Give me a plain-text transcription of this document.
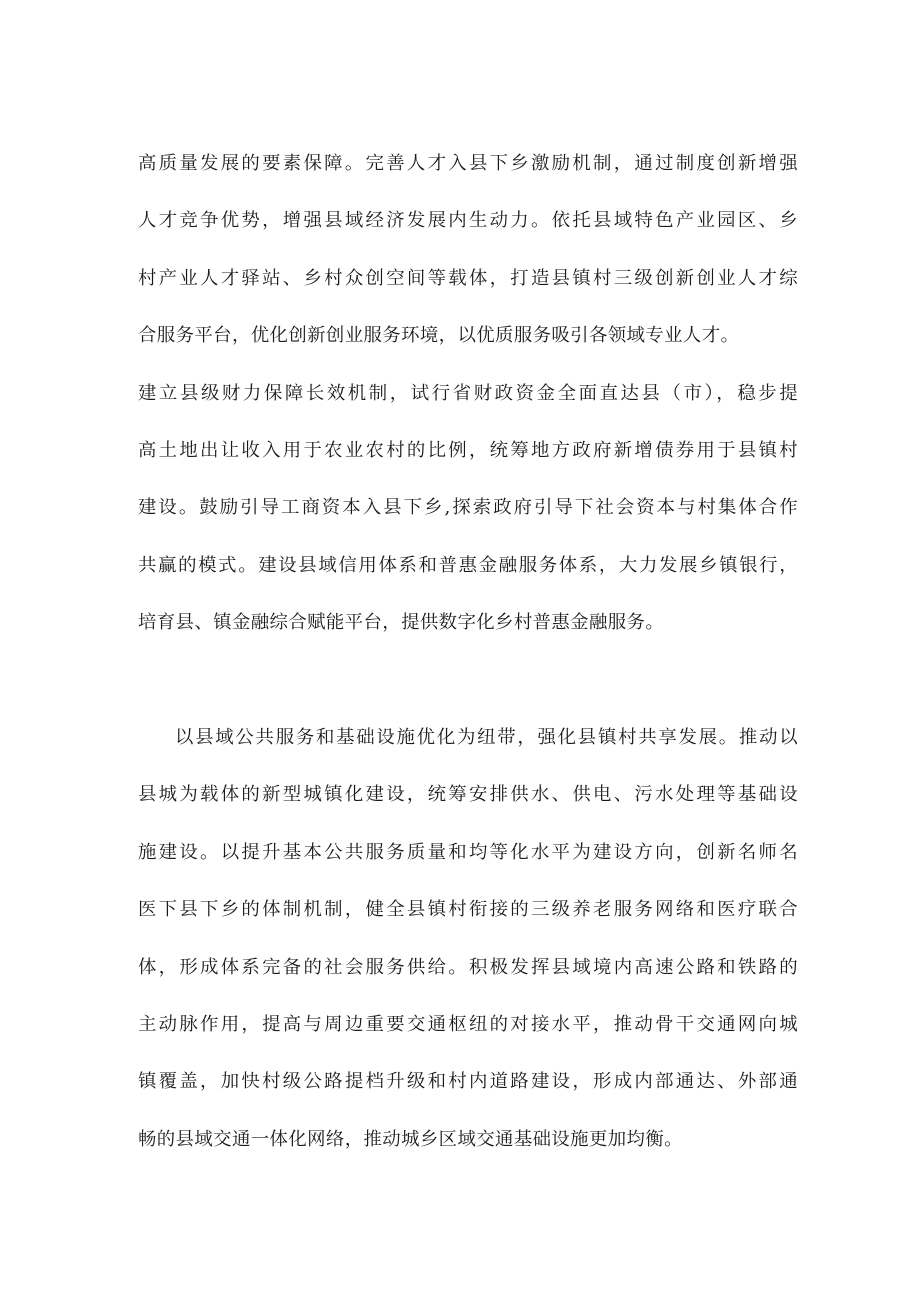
高质量发展的要素保障。完善人才入县下乡激励机制，通过制度创新增强
人才竞争优势，增强县域经济发展内生动力。依托县域特色产业园区、乡
村产业人才驿站、乡村众创空间等载体，打造县镇村三级创新创业人才综
合服务平台，优化创新创业服务环境，以优质服务吸引各领域专业人才。
建立县级财力保障长效机制，试行省财政资金全面直达县（市），稳步提
高土地出让收入用于农业农村的比例，统筹地方政府新增债券用于县镇村
建设。鼓励引导工商资本入县下乡,探索政府引导下社会资本与村集体合作
共赢的模式。建设县域信用体系和普惠金融服务体系，大力发展乡镇银行，
培育县、镇金融综合赋能平台，提供数字化乡村普惠金融服务。
以县域公共服务和基础设施优化为纽带，强化县镇村共享发展。推动以
县城为载体的新型城镇化建设，统筹安排供水、供电、污水处理等基础设
施建设。以提升基本公共服务质量和均等化水平为建设方向，创新名师名
医下县下乡的体制机制，健全县镇村衔接的三级养老服务网络和医疗联合
体，形成体系完备的社会服务供给。积极发挥县域境内高速公路和铁路的
主动脉作用，提高与周边重要交通枢纽的对接水平，推动骨干交通网向城
镇覆盖，加快村级公路提档升级和村内道路建设，形成内部通达、外部通
畅的县域交通一体化网络，推动城乡区域交通基础设施更加均衡。
